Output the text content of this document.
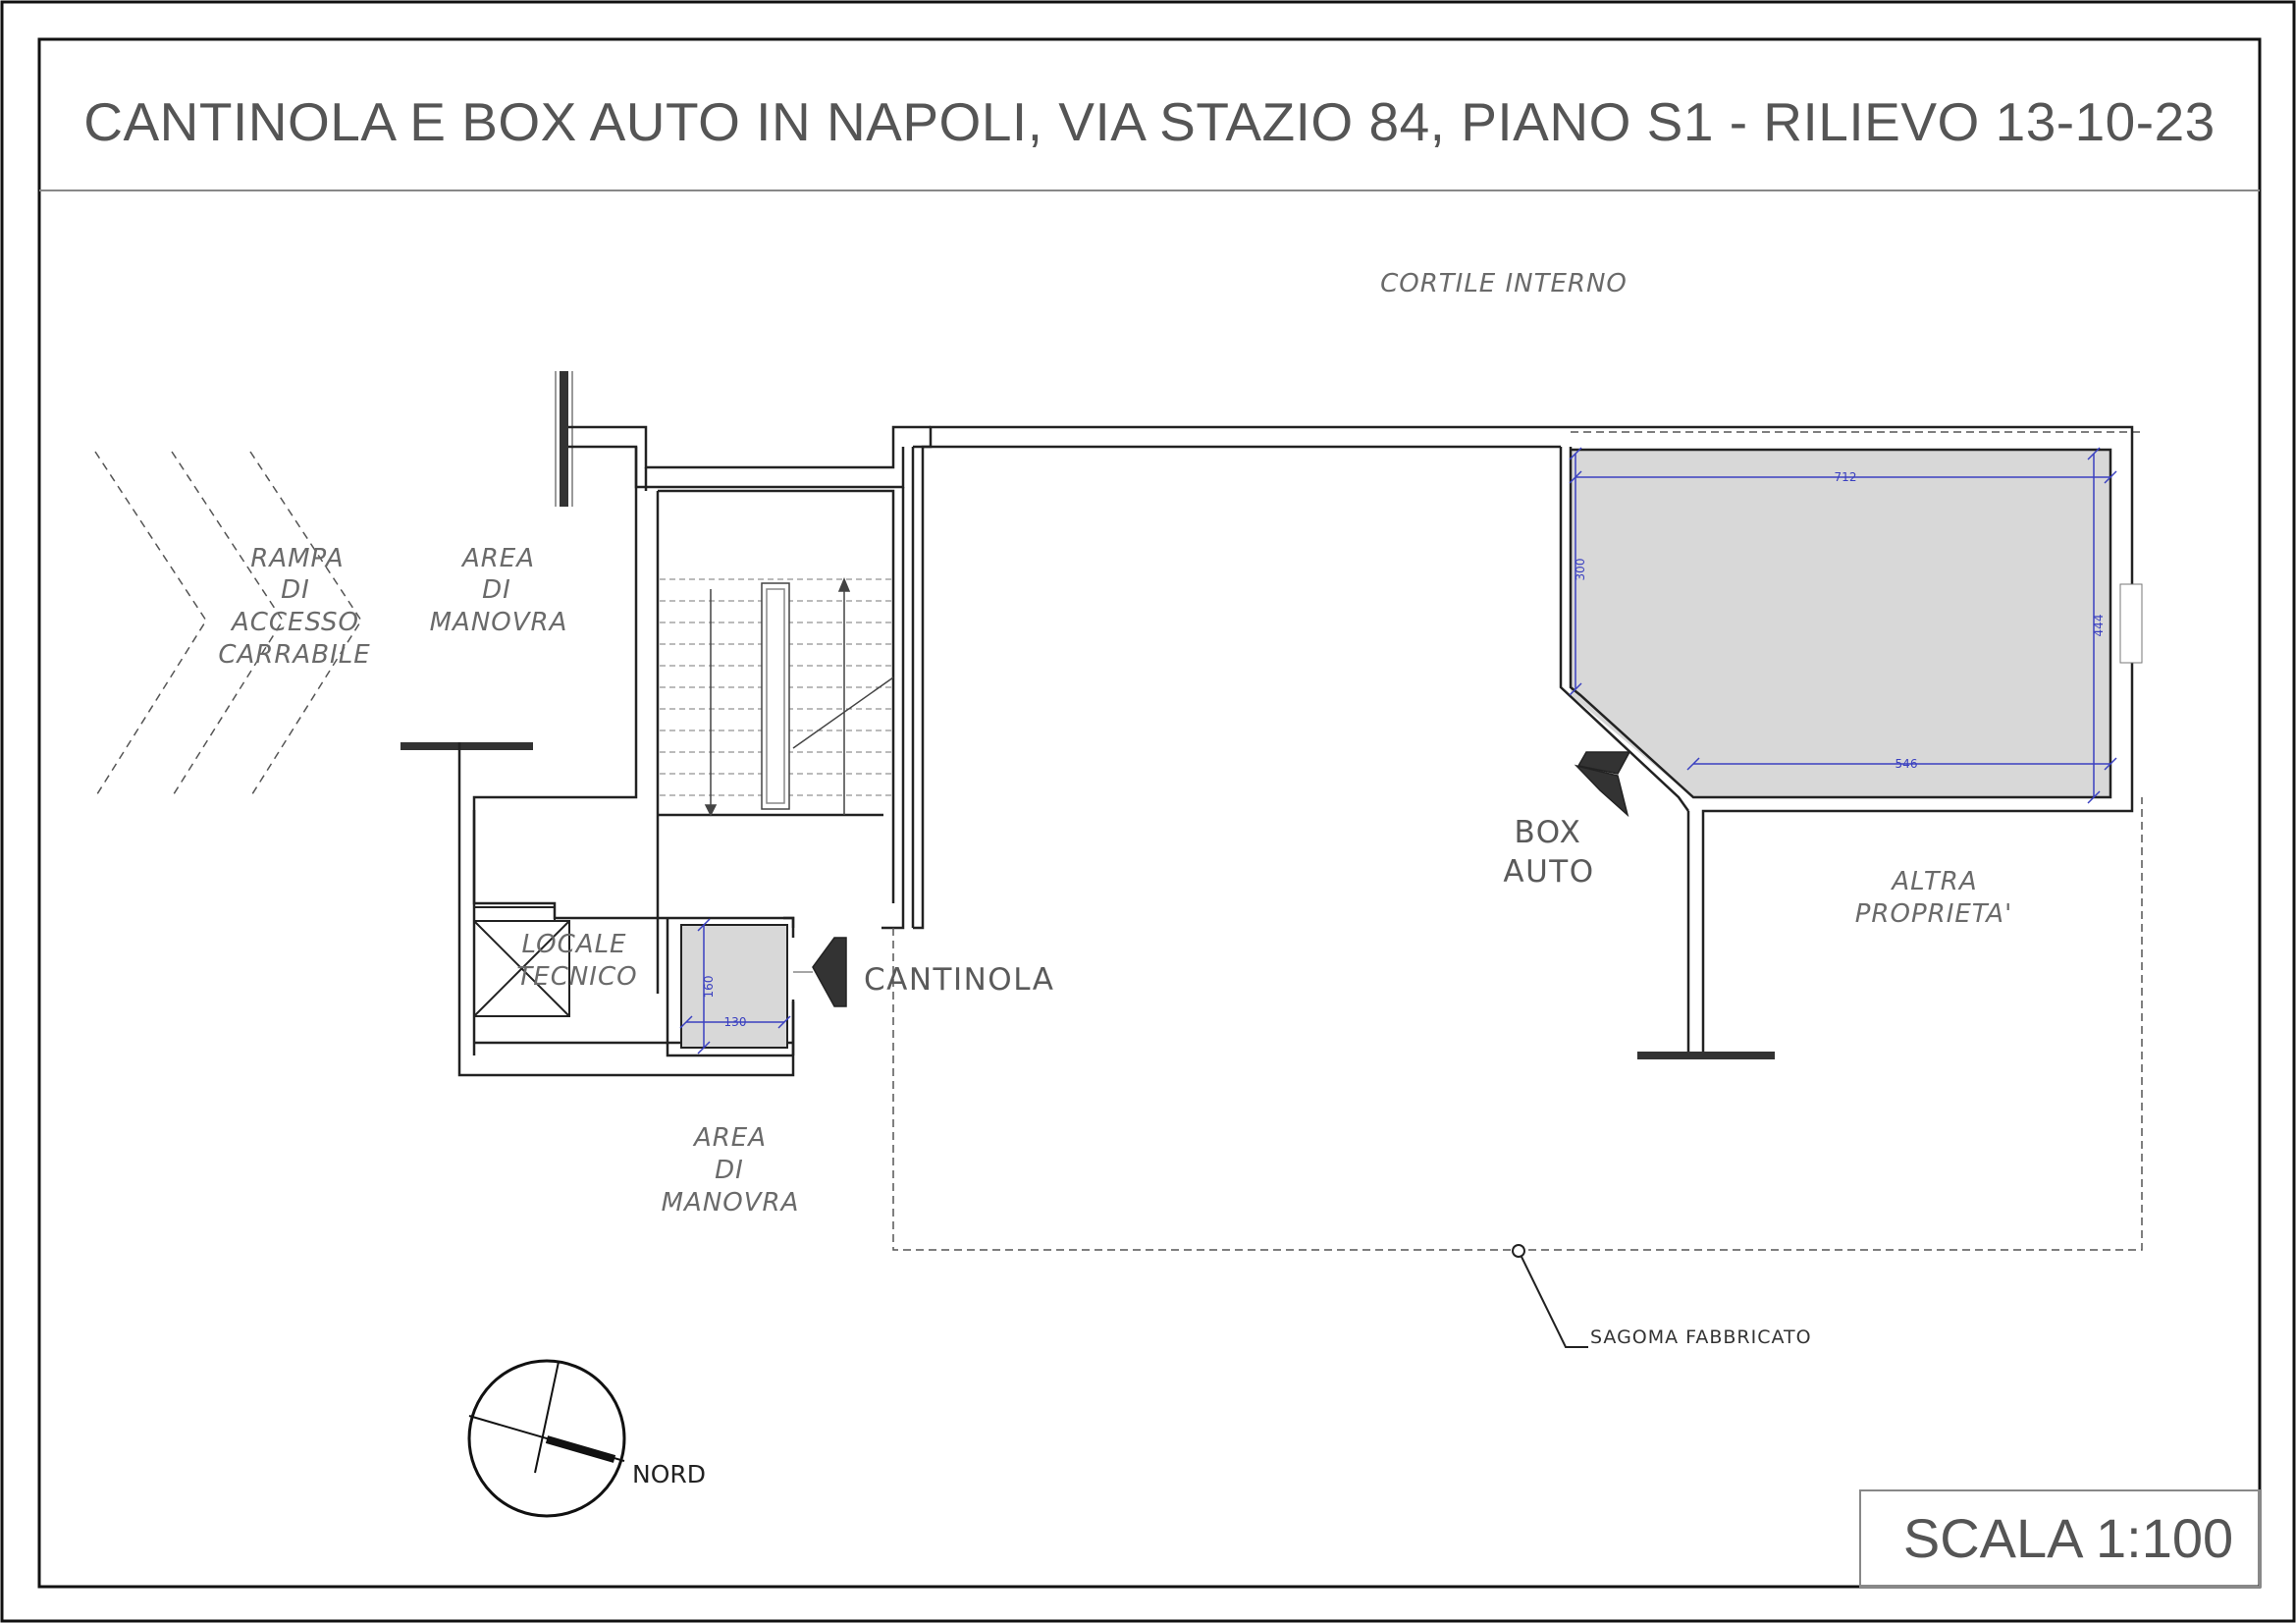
CANTINOLA E BOX AUTO IN NAPOLI, VIA STAZIO 84, PIANO S1 - RILIEVO 13-10-23
SCALA 1:100
160
130
712
300
444
546
CORTILE INTERNO
RAMPA
DI
ACCESSO
CARRABILE
AREA
DI
MANOVRA
LOCALE
TECNICO	CANTINOLA
AREA
DI
MANOVRA
BOX
AUTO	ALTRA
PROPRIETA'
SAGOMA FABBRICATO
NORD
